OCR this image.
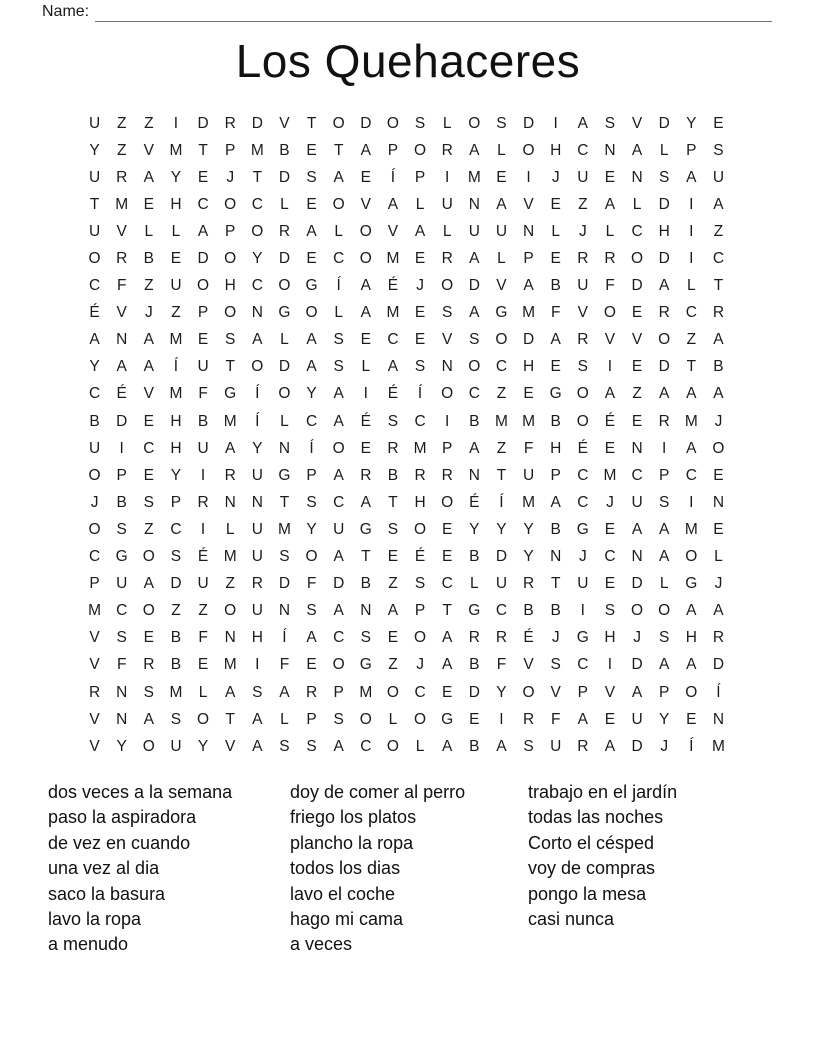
Name:
Los Quehaceres
U	Z	Z	I	D	R	D	V	T	O D	O	S	L	O	S	D	I	A	S	V	D	Y	E
Y	Z	V M	T	P M	B	E	T	A	P	O R	A	L	O H	C	N	A	L	P	S
U	R	A	Y	E	J	T	D	S	A	E	Í	P	I	M	E	I	J	U	E	N	S	A	U
T	M	E	H	C	O C	L	E	O	V	A	L	U	N	A	V	E	Z	A	L	D	I	A
U	V	L	L	A	P	O R	A	L	O	V	A	L	U	U	N	L	J	L	C	H	I	Z
O R	B	E	D	O	Y	D	E	C	O M	E	R	A	L	P	E	R	R	O D	I	C
C	F	Z	U	O H	C	O G	Í	A	É	J	O D	V	A	B	U	F	D	A	L	T
É	V	J	Z	P	O N	G O	L	A M	E	S	A	G M	F	V	O	E	R	C	R
A	N	A M	E	S	A	L	A	S	E	C	E	V	S	O D	A	R	V	V	O	Z	A
Y	A	A	Í	U	T	O D	A	S	L	A	S	N	O C	H	E	S	I	E	D	T	B
C	É	V M	F	G	Í	O	Y	A	I	É	Í	O C	Z	E	G O	A	Z	A	A	A
B	D	E	H	B M	Í	L	C	A	É	S	C	I	B M M	B	O	É	E	R M	J
U	I	C	H	U	A	Y	N	Í	O	E	R M	P	A	Z	F	H	É	E	N	I	A	O
O	P	E	Y	I	R	U	G	P	A	R	B	R	R	N	T	U	P	C M C	P	C	E
J	B	S	P	R	N	N	T	S	C	A	T	H	O	É	Í	M	A	C	J	U	S	I	N
O	S	Z	C	I	L	U M	Y	U	G	S	O	E	Y	Y	Y	B	G	E	A	A M	E
C	G O	S	É M U	S	O	A	T	E	É	E	B	D	Y	N	J	C	N	A	O	L
P	U	A	D	U	Z	R	D	F	D	B	Z	S	C	L	U	R	T	U	E	D	L	G	J
M C	O	Z	Z	O U	N	S	A	N	A	P	T	G C	B	B	I	S	O O	A	A
V	S	E	B	F	N	H	Í	A	C	S	E	O	A	R	R	É	J	G H	J	S	H	R
V	F	R	B	E M	I	F	E	O G	Z	J	A	B	F	V	S	C	I	D	A	A	D
R	N	S M	L	A	S	A	R	P M O C	E	D	Y	O	V	P	V	A	P	O	Í
V	N	A	S	O	T	A	L	P	S	O	L	O G	E	I	R	F	A	E	U	Y	E	N
V	Y	O U	Y	V	A	S	S	A	C	O	L	A	B	A	S	U	R	A	D	J	Í	M
dos veces a la semana
paso la aspiradora
de vez en cuando
una vez al dia
saco la basura
lavo la ropa
a menudo
doy de comer al perro
friego los platos
plancho la ropa
todos los dias
lavo el coche
hago mi cama
a veces
trabajo en el jardín
todas las noches
Corto el césped
voy de compras
pongo la mesa
casi nunca
